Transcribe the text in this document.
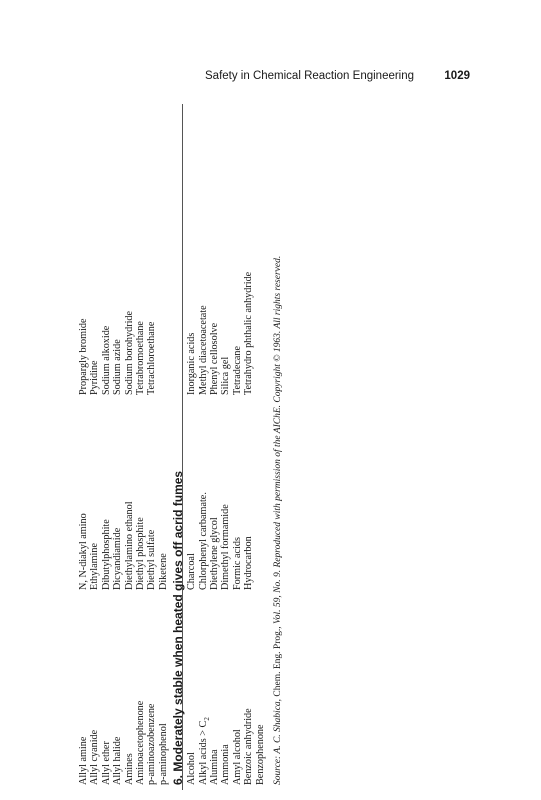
Safety in Chemical Reaction Engineering	1029
Allyl amine Allyl cyanide Allyl ether Allyl halide Amines Aminoacetophenone p-aminoazobenzene p-aminophenol
N, N-diakyl amino Ethylamine Dibutylphosphite Dicyandiamide Diethylamino ethanol Diethyl phosphite Diethyl sulfate Diketene
Propargly bromide Pyridine Sodium alkoxide Sodium azide Sodium borohydride Tetrabromoethane Tetrachloroethane
6. Moderately stable when heated gives off acrid fumes Alcohol Alkyl acids > $C_2$
Alumina Ammonia Amyl alcohol Benzoic anhydride Benzophenone
Charcoal Chlorphenyl carbamate. Diethylene glycol Dimethyl formamide Formic acids Hydrocarbon
Inorganic acids Methyl diacetoacetate Phenyl cellosolve Silica gel Tetradecane Tetrahydro phthalic anhydride
Source: A. C. Shabica, Chem. Eng. Prog., Vol. 59, No. 9. Reproduced with permission of the AIChE. Copyright © 1963. All rights reserved.
